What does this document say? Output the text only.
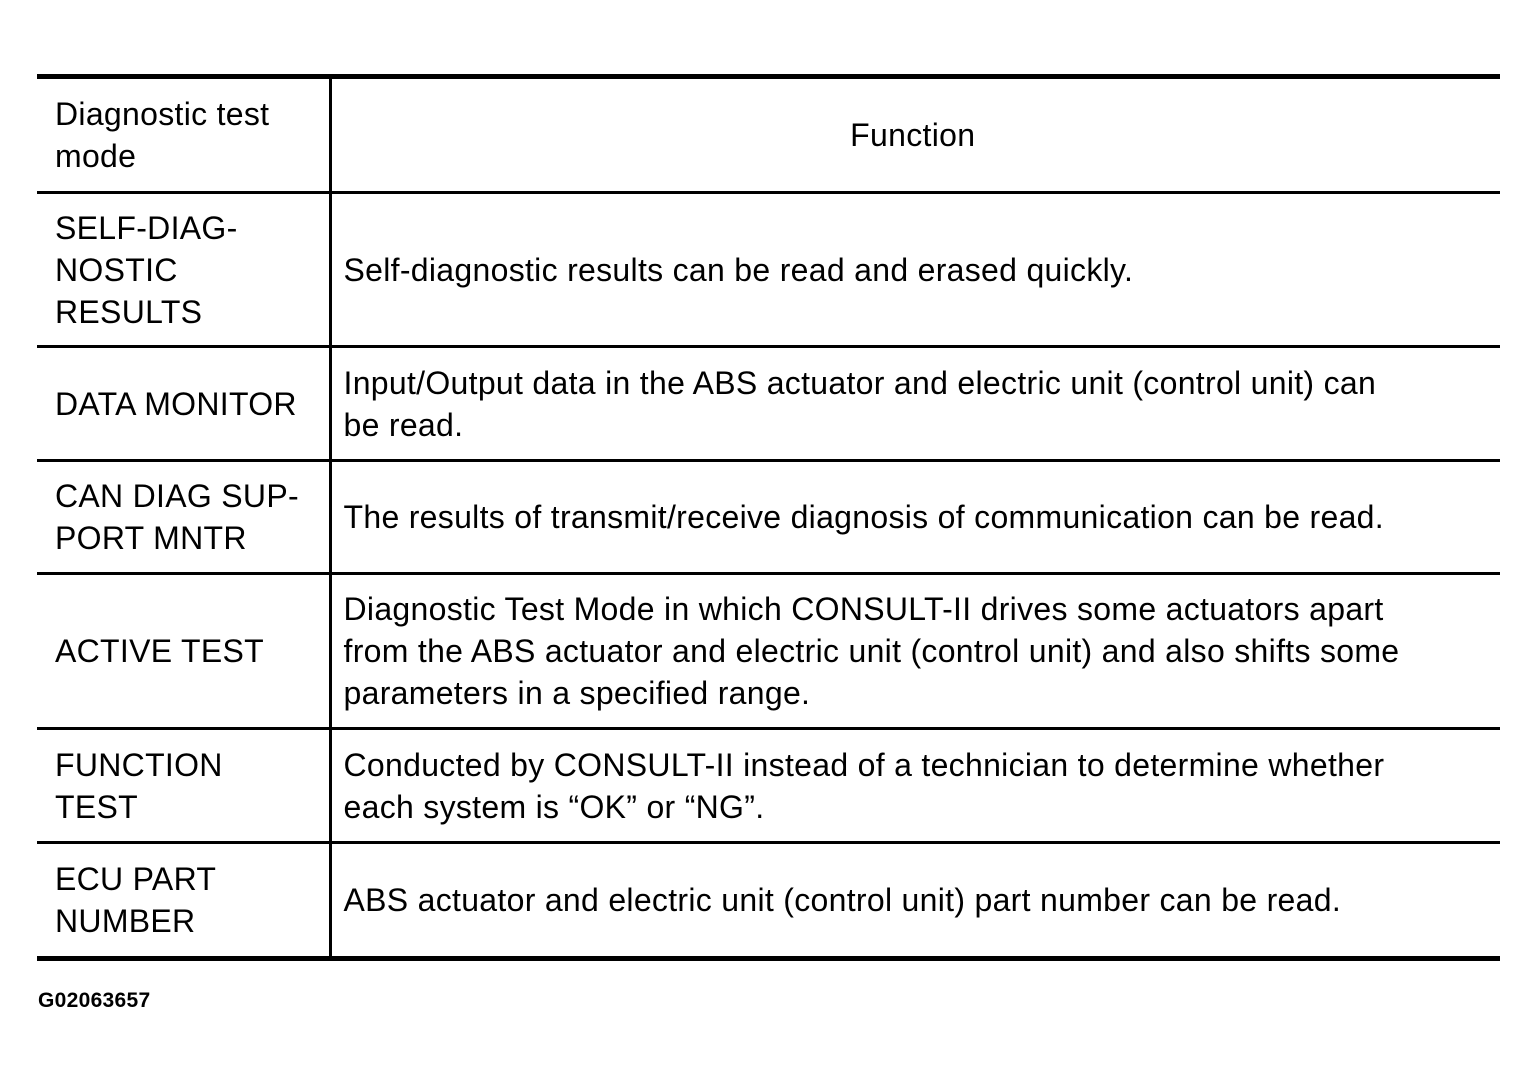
Diagnostic test
mode	Function

SELF-DIAG-
NOSTIC
RESULTS	Self-diagnostic results can be read and erased quickly.

DATA MONITOR	Input/Output data in the ABS actuator and electric unit (control unit) can
be read.

CAN DIAG SUP-
PORT MNTR	The results of transmit/receive diagnosis of communication can be read.

ACTIVE TEST	Diagnostic Test Mode in which CONSULT-II drives some actuators apart
from the ABS actuator and electric unit (control unit) and also shifts some
parameters in a specified range.

FUNCTION
TEST	Conducted by CONSULT-II instead of a technician to determine whether
each system is “OK” or “NG”.

ECU PART
NUMBER	ABS actuator and electric unit (control unit) part number can be read.
G02063657
